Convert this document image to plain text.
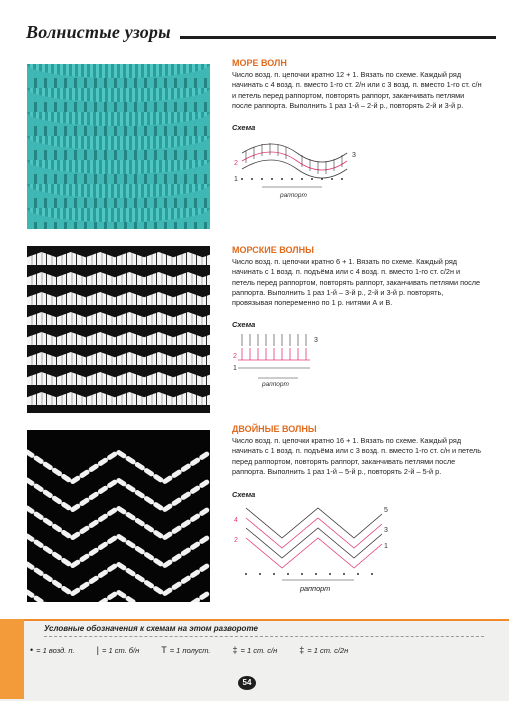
Волнистые узоры
МОРЕ ВОЛН
Число возд. п. цепочки кратно 12 + 1. Вязать по схеме. Каждый ряд начинать с 4 возд. п. вместо 1-го ст. 2/н или с 3 возд. п. вместо 1-го ст. с/н и петель перед раппортом, повторять раппорт, заканчивать петлями после раппорта. Выполнить 1 раз 1-й – 2-й р., повторять 2-й и 3-й р.
Схема
2
1
3
раппорт
МОРСКИЕ ВОЛНЫ
Число возд. п. цепочки кратно 6 + 1. Вязать по схеме. Каждый ряд начинать с 1 возд. п. подъёма или с 4 возд. п. вместо 1-го ст. с/2н и петель перед раппортом, повторять раппорт, заканчивать петлями после раппорта. Выполнить 1 раз 1-й – 3-й р., 2-й и 3-й р. повторять, провязывая попеременно по 1 р. нитями А и В.
Схема
2
1
3
раппорт
ДВОЙНЫЕ ВОЛНЫ
Число возд. п. цепочки кратно 16 + 1. Вязать по схеме. Каждый ряд начинать с 1 возд. п. подъёма или с 3 возд. п. вместо 1-го ст. с/н и петель перед раппортом, повторять раппорт, заканчивать петлями после раппорта. Выполнить 1 раз 1-й – 5-й р., повторять 2-й – 5-й р.
Схема
4
2
5
3
1
раппорт
Условные обозначения к схемам на этом развороте
• = 1 возд. п. | = 1 ст. б/н T = 1 полуст. ‡ = 1 ст. с/н ‡ = 1 ст. с/2н
54
